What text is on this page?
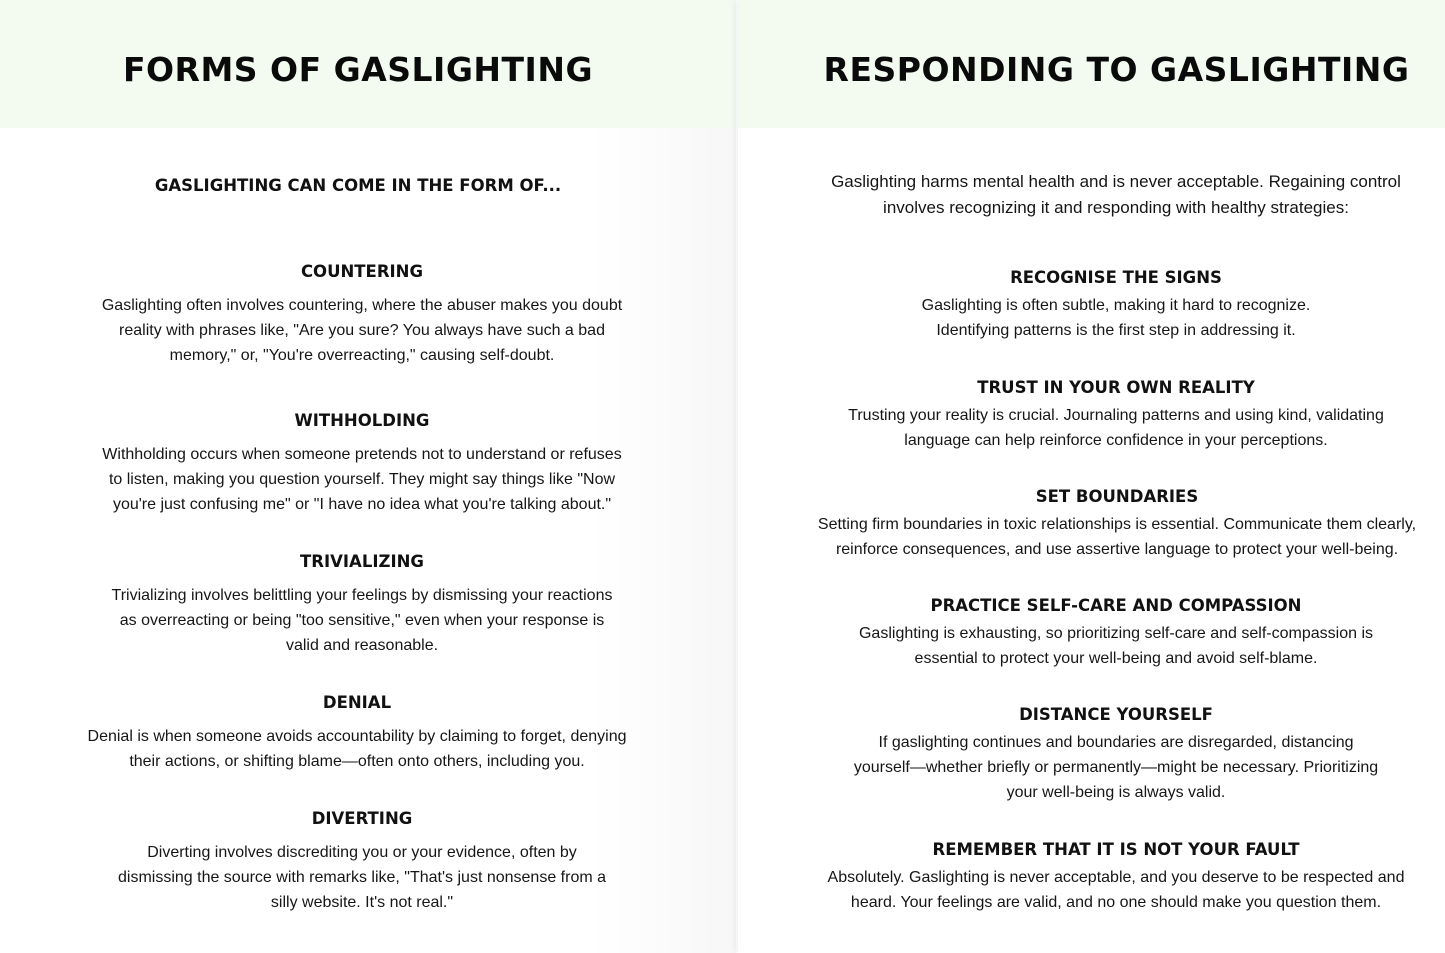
FORMS OF GASLIGHTING
GASLIGHTING CAN COME IN THE FORM OF...
COUNTERING
Gaslighting often involves countering, where the abuser makes you doubt reality with phrases like, "Are you sure? You always have such a bad memory," or, "You're overreacting," causing self-doubt.
WITHHOLDING
Withholding occurs when someone pretends not to understand or refuses to listen, making you question yourself. They might say things like "Now you're just confusing me" or "I have no idea what you're talking about."
TRIVIALIZING
Trivializing involves belittling your feelings by dismissing your reactions as overreacting or being "too sensitive," even when your response is valid and reasonable.
DENIAL
Denial is when someone avoids accountability by claiming to forget, denying their actions, or shifting blame—often onto others, including you.
DIVERTING
Diverting involves discrediting you or your evidence, often by dismissing the source with remarks like, "That's just nonsense from a silly website. It's not real."
RESPONDING TO GASLIGHTING
Gaslighting harms mental health and is never acceptable. Regaining control involves recognizing it and responding with healthy strategies:
RECOGNISE THE SIGNS
Gaslighting is often subtle, making it hard to recognize. Identifying patterns is the first step in addressing it.
TRUST IN YOUR OWN REALITY
Trusting your reality is crucial. Journaling patterns and using kind, validating language can help reinforce confidence in your perceptions.
SET BOUNDARIES
Setting firm boundaries in toxic relationships is essential. Communicate them clearly, reinforce consequences, and use assertive language to protect your well-being.
PRACTICE SELF-CARE AND COMPASSION
Gaslighting is exhausting, so prioritizing self-care and self-compassion is essential to protect your well-being and avoid self-blame.
DISTANCE YOURSELF
If gaslighting continues and boundaries are disregarded, distancing yourself—whether briefly or permanently—might be necessary. Prioritizing your well-being is always valid.
REMEMBER THAT IT IS NOT YOUR FAULT
Absolutely. Gaslighting is never acceptable, and you deserve to be respected and heard. Your feelings are valid, and no one should make you question them.
